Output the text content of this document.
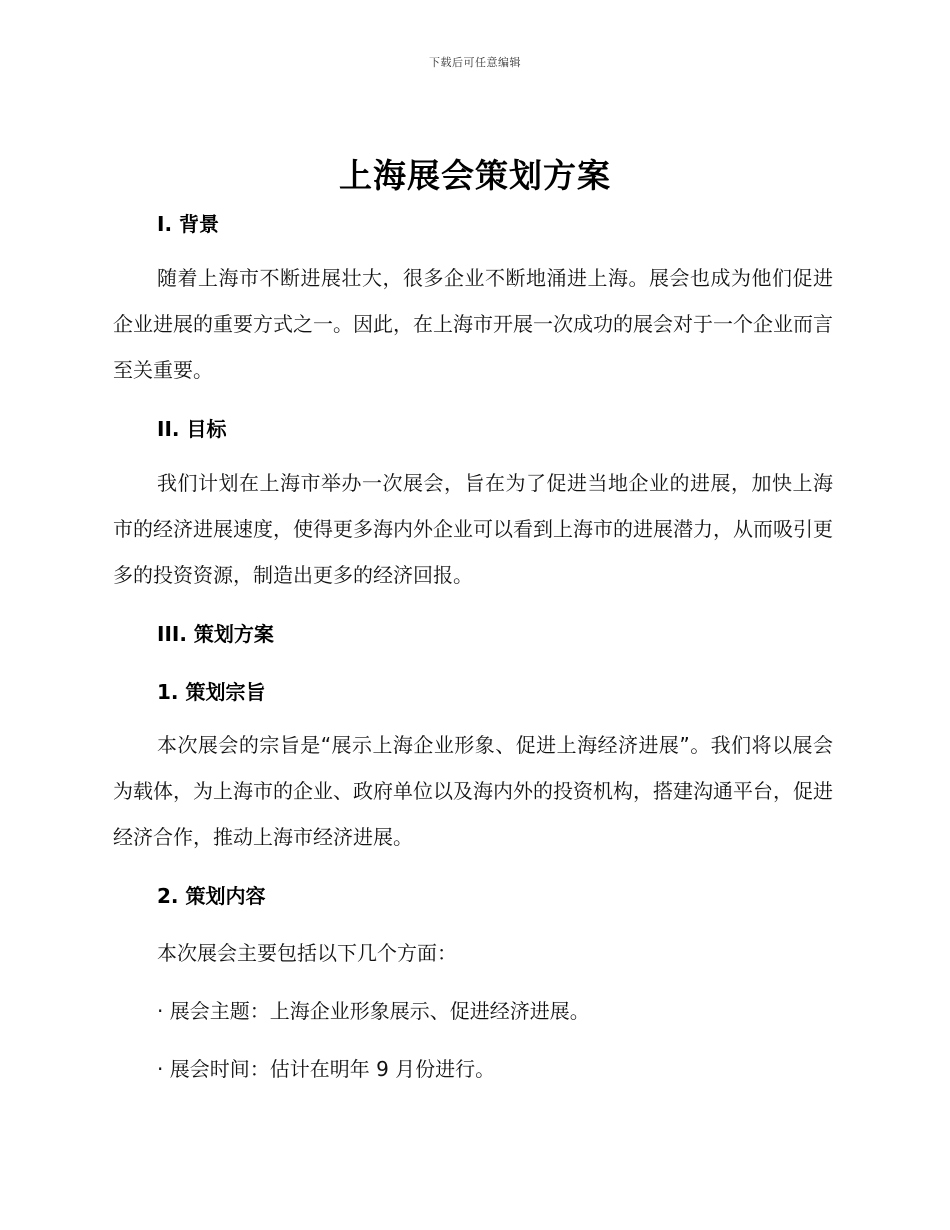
下载后可任意编辑
上海展会策划方案
I. 背景

随着上海市不断进展壮大，很多企业不断地涌进上海。展会也成为他们促进企业进展的重要方式之一。因此，在上海市开展一次成功的展会对于一个企业而言至关重要。

II. 目标

我们计划在上海市举办一次展会，旨在为了促进当地企业的进展，加快上海市的经济进展速度，使得更多海内外企业可以看到上海市的进展潜力，从而吸引更多的投资资源，制造出更多的经济回报。

III. 策划方案
1. 策划宗旨

本次展会的宗旨是“展示上海企业形象、促进上海经济进展”。我们将以展会为载体，为上海市的企业、政府单位以及海内外的投资机构，搭建沟通平台，促进经济合作，推动上海市经济进展。

2. 策划内容
本次展会主要包括以下几个方面：
· 展会主题：上海企业形象展示、促进经济进展。
· 展会时间：估计在明年 9 月份进行。
